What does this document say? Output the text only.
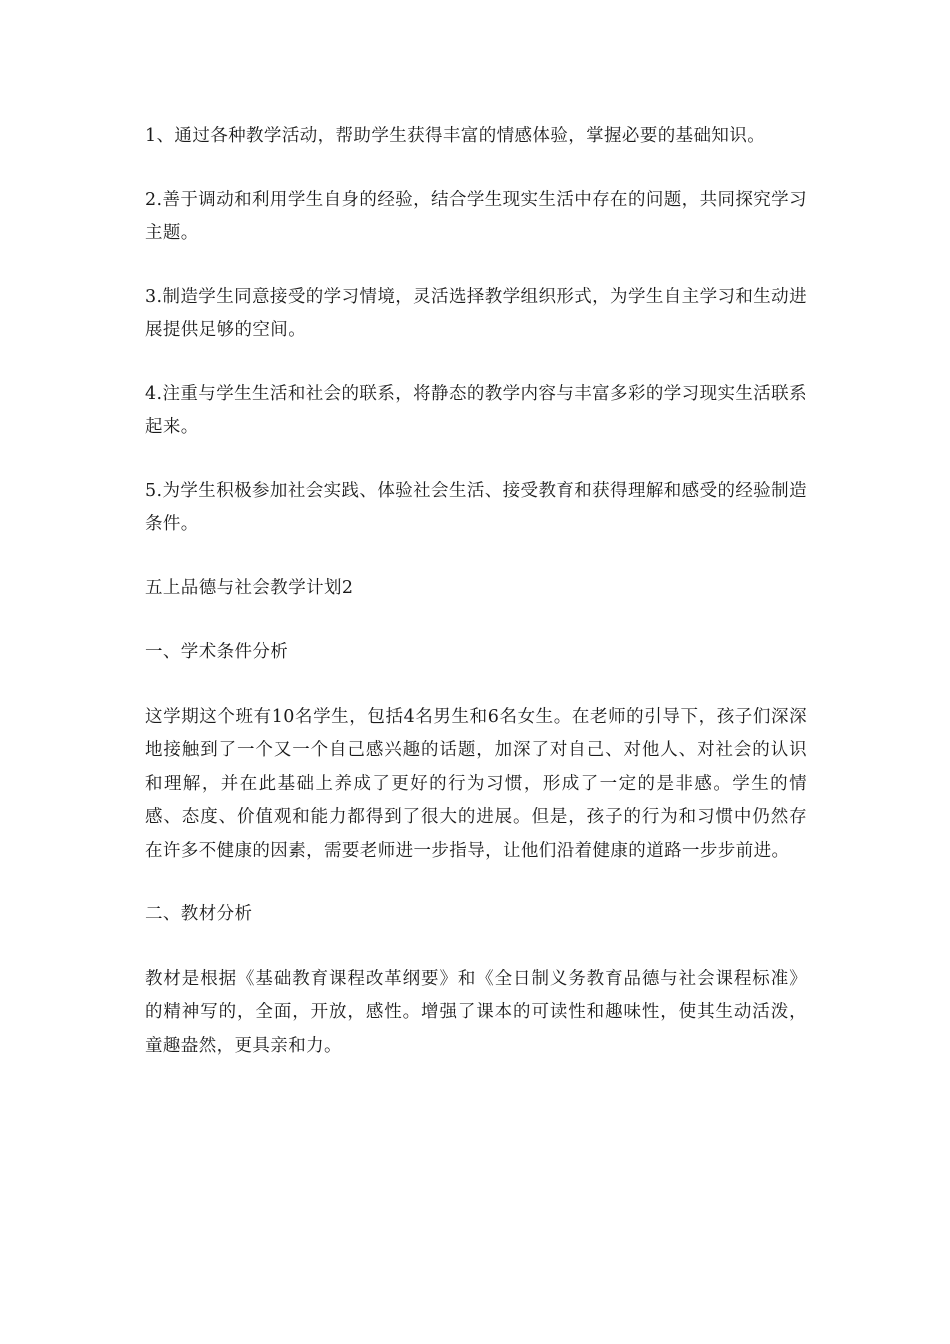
1、通过各种教学活动，帮助学生获得丰富的情感体验，掌握必要的基础知识。

2.善于调动和利用学生自身的经验，结合学生现实生活中存在的问题，共同探究学习主题。

3.制造学生同意接受的学习情境，灵活选择教学组织形式，为学生自主学习和生动进展提供足够的空间。

4.注重与学生生活和社会的联系，将静态的教学内容与丰富多彩的学习现实生活联系起来。

5.为学生积极参加社会实践、体验社会生活、接受教育和获得理解和感受的经验制造条件。

五上品德与社会教学计划2

一、学术条件分析

这学期这个班有10名学生，包括4名男生和6名女生。在老师的引导下，孩子们深深地接触到了一个又一个自己感兴趣的话题，加深了对自己、对他人、对社会的认识和理解，并在此基础上养成了更好的行为习惯，形成了一定的是非感。学生的情感、态度、价值观和能力都得到了很大的进展。但是，孩子的行为和习惯中仍然存在许多不健康的因素，需要老师进一步指导，让他们沿着健康的道路一步步前进。

二、教材分析

教材是根据《基础教育课程改革纲要》和《全日制义务教育品德与社会课程标准》的精神写的，全面，开放，感性。增强了课本的可读性和趣味性，使其生动活泼，童趣盎然，更具亲和力。
